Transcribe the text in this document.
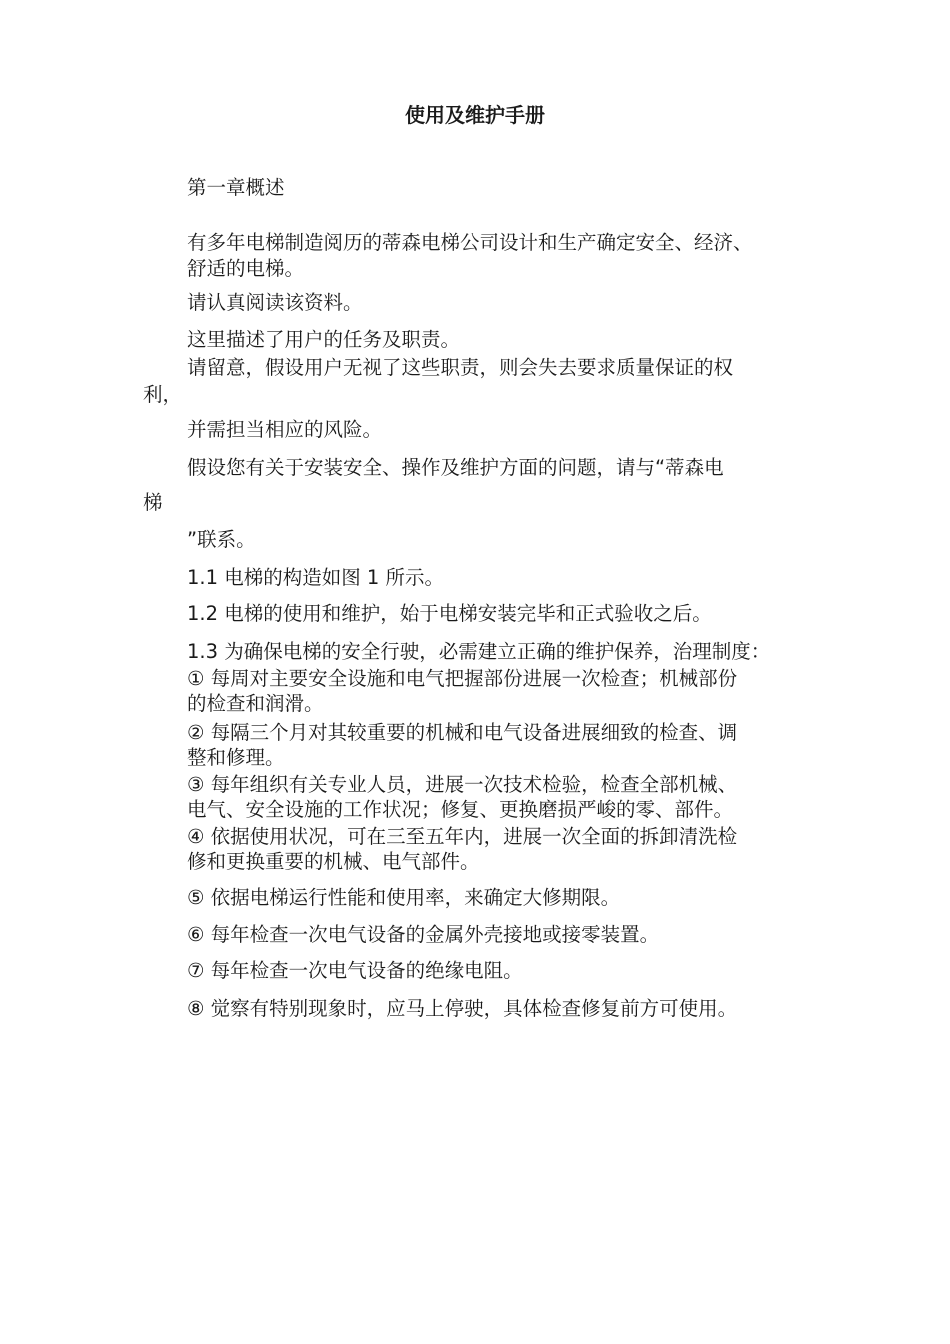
使用及维护手册
第一章概述
有多年电梯制造阅历的蒂森电梯公司设计和生产确定安全、经济、
舒适的电梯。
请认真阅读该资料。
这里描述了用户的任务及职责。
请留意，假设用户无视了这些职责，则会失去要求质量保证的权
利，
并需担当相应的风险。
假设您有关于安装安全、操作及维护方面的问题，请与“蒂森电
梯
”联系。
1.1 电梯的构造如图 1 所示。
1.2 电梯的使用和维护，始于电梯安装完毕和正式验收之后。
1.3 为确保电梯的安全行驶，必需建立正确的维护保养，治理制度：
① 每周对主要安全设施和电气把握部份进展一次检查；机械部份
的检查和润滑。
② 每隔三个月对其较重要的机械和电气设备进展细致的检查、调
整和修理。
③ 每年组织有关专业人员，进展一次技术检验，检查全部机械、
电气、安全设施的工作状况；修复、更换磨损严峻的零、部件。
④ 依据使用状况，可在三至五年内，进展一次全面的拆卸清洗检
修和更换重要的机械、电气部件。
⑤ 依据电梯运行性能和使用率，来确定大修期限。
⑥ 每年检查一次电气设备的金属外壳接地或接零装置。
⑦ 每年检查一次电气设备的绝缘电阻。
⑧ 觉察有特别现象时，应马上停驶，具体检查修复前方可使用。
